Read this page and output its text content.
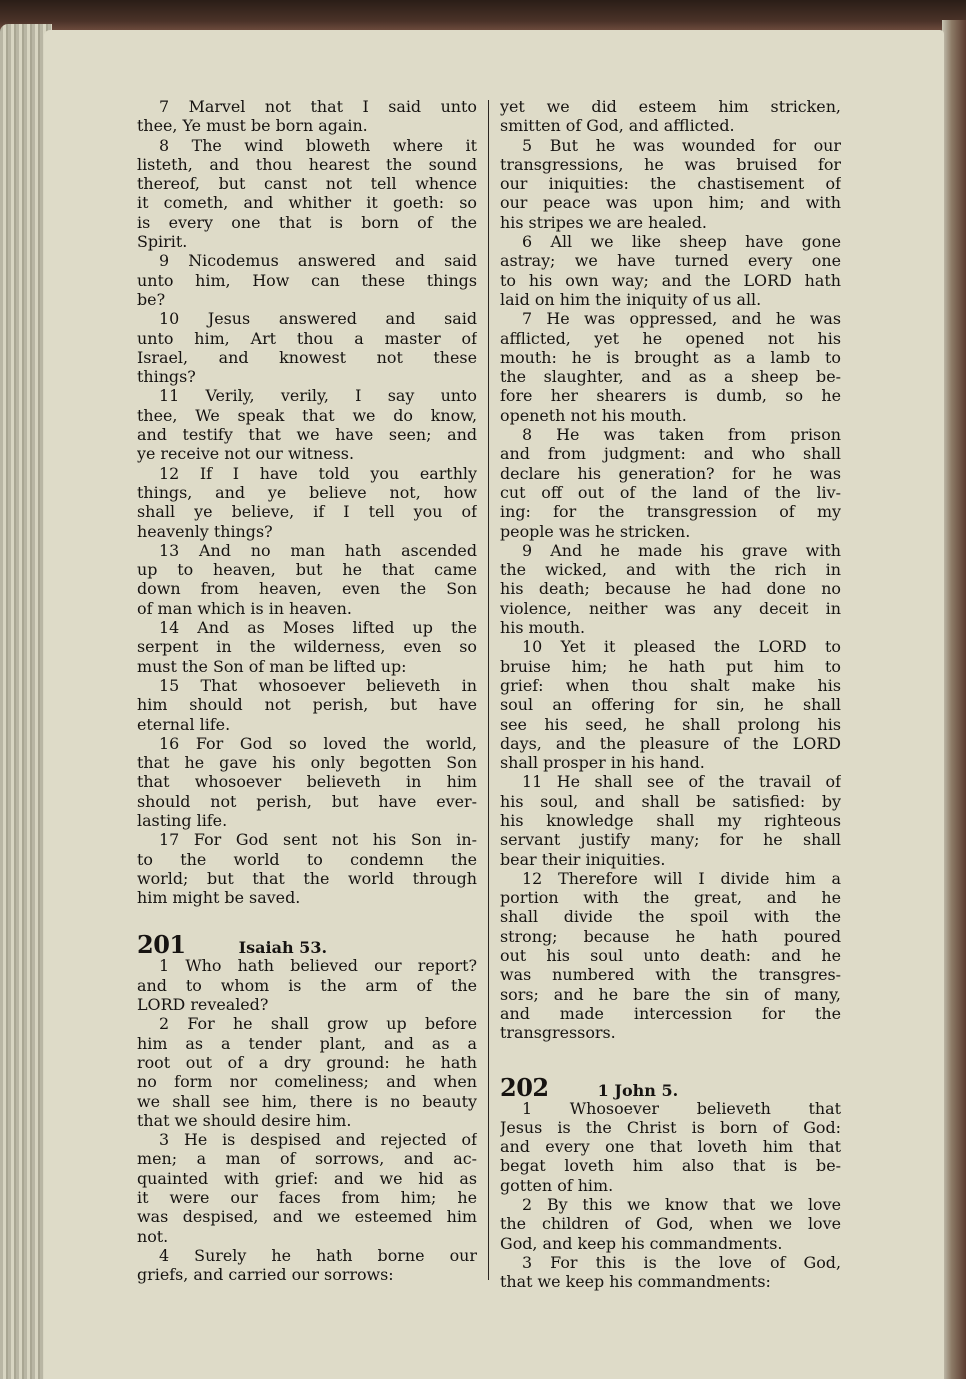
7 Marvel not that I said unto
thee, Ye must be born again.
8 The wind bloweth where it
listeth, and thou hearest the sound
thereof, but canst not tell whence
it cometh, and whither it goeth: so
is every one that is born of the
Spirit.
9 Nicodemus answered and said
unto him, How can these things
be?
10 Jesus answered and said
unto him, Art thou a master of
Israel, and knowest not these
things?
11 Verily, verily, I say unto
thee, We speak that we do know,
and testify that we have seen; and
ye receive not our witness.
12 If I have told you earthly
things, and ye believe not, how
shall ye believe, if I tell you of
heavenly things?
13 And no man hath ascended
up to heaven, but he that came
down from heaven, even the Son
of man which is in heaven.
14 And as Moses lifted up the
serpent in the wilderness, even so
must the Son of man be lifted up:
15 That whosoever believeth in
him should not perish, but have
eternal life.
16 For God so loved the world,
that he gave his only begotten Son
that whosoever believeth in him
should not perish, but have ever-
lasting life.
17 For God sent not his Son in-
to the world to condemn the
world; but that the world through
him might be saved.
201	Isaiah 53.
1 Who hath believed our report?
and to whom is the arm of the
LORD revealed?
2 For he shall grow up before
him as a tender plant, and as a
root out of a dry ground: he hath
no form nor comeliness; and when
we shall see him, there is no beauty
that we should desire him.
3 He is despised and rejected of
men; a man of sorrows, and ac-
quainted with grief: and we hid as
it were our faces from him; he
was despised, and we esteemed him
not.
4 Surely he hath borne our
griefs, and carried our sorrows:
yet we did esteem him stricken,
smitten of God, and afflicted.
5 But he was wounded for our
transgressions, he was bruised for
our iniquities: the chastisement of
our peace was upon him; and with
his stripes we are healed.
6 All we like sheep have gone
astray; we have turned every one
to his own way; and the LORD hath
laid on him the iniquity of us all.
7 He was oppressed, and he was
afflicted, yet he opened not his
mouth: he is brought as a lamb to
the slaughter, and as a sheep be-
fore her shearers is dumb, so he
openeth not his mouth.
8 He was taken from prison
and from judgment: and who shall
declare his generation? for he was
cut off out of the land of the liv-
ing: for the transgression of my
people was he stricken.
9 And he made his grave with
the wicked, and with the rich in
his death; because he had done no
violence, neither was any deceit in
his mouth.
10 Yet it pleased the LORD to
bruise him; he hath put him to
grief: when thou shalt make his
soul an offering for sin, he shall
see his seed, he shall prolong his
days, and the pleasure of the LORD
shall prosper in his hand.
11 He shall see of the travail of
his soul, and shall be satisfied: by
his knowledge shall my righteous
servant justify many; for he shall
bear their iniquities.
12 Therefore will I divide him a
portion with the great, and he
shall divide the spoil with the
strong; because he hath poured
out his soul unto death: and he
was numbered with the transgres-
sors; and he bare the sin of many,
and made intercession for the
transgressors.
202	1 John 5.
1 Whosoever believeth that
Jesus is the Christ is born of God:
and every one that loveth him that
begat loveth him also that is be-
gotten of him.
2 By this we know that we love
the children of God, when we love
God, and keep his commandments.
3 For this is the love of God,
that we keep his commandments:
